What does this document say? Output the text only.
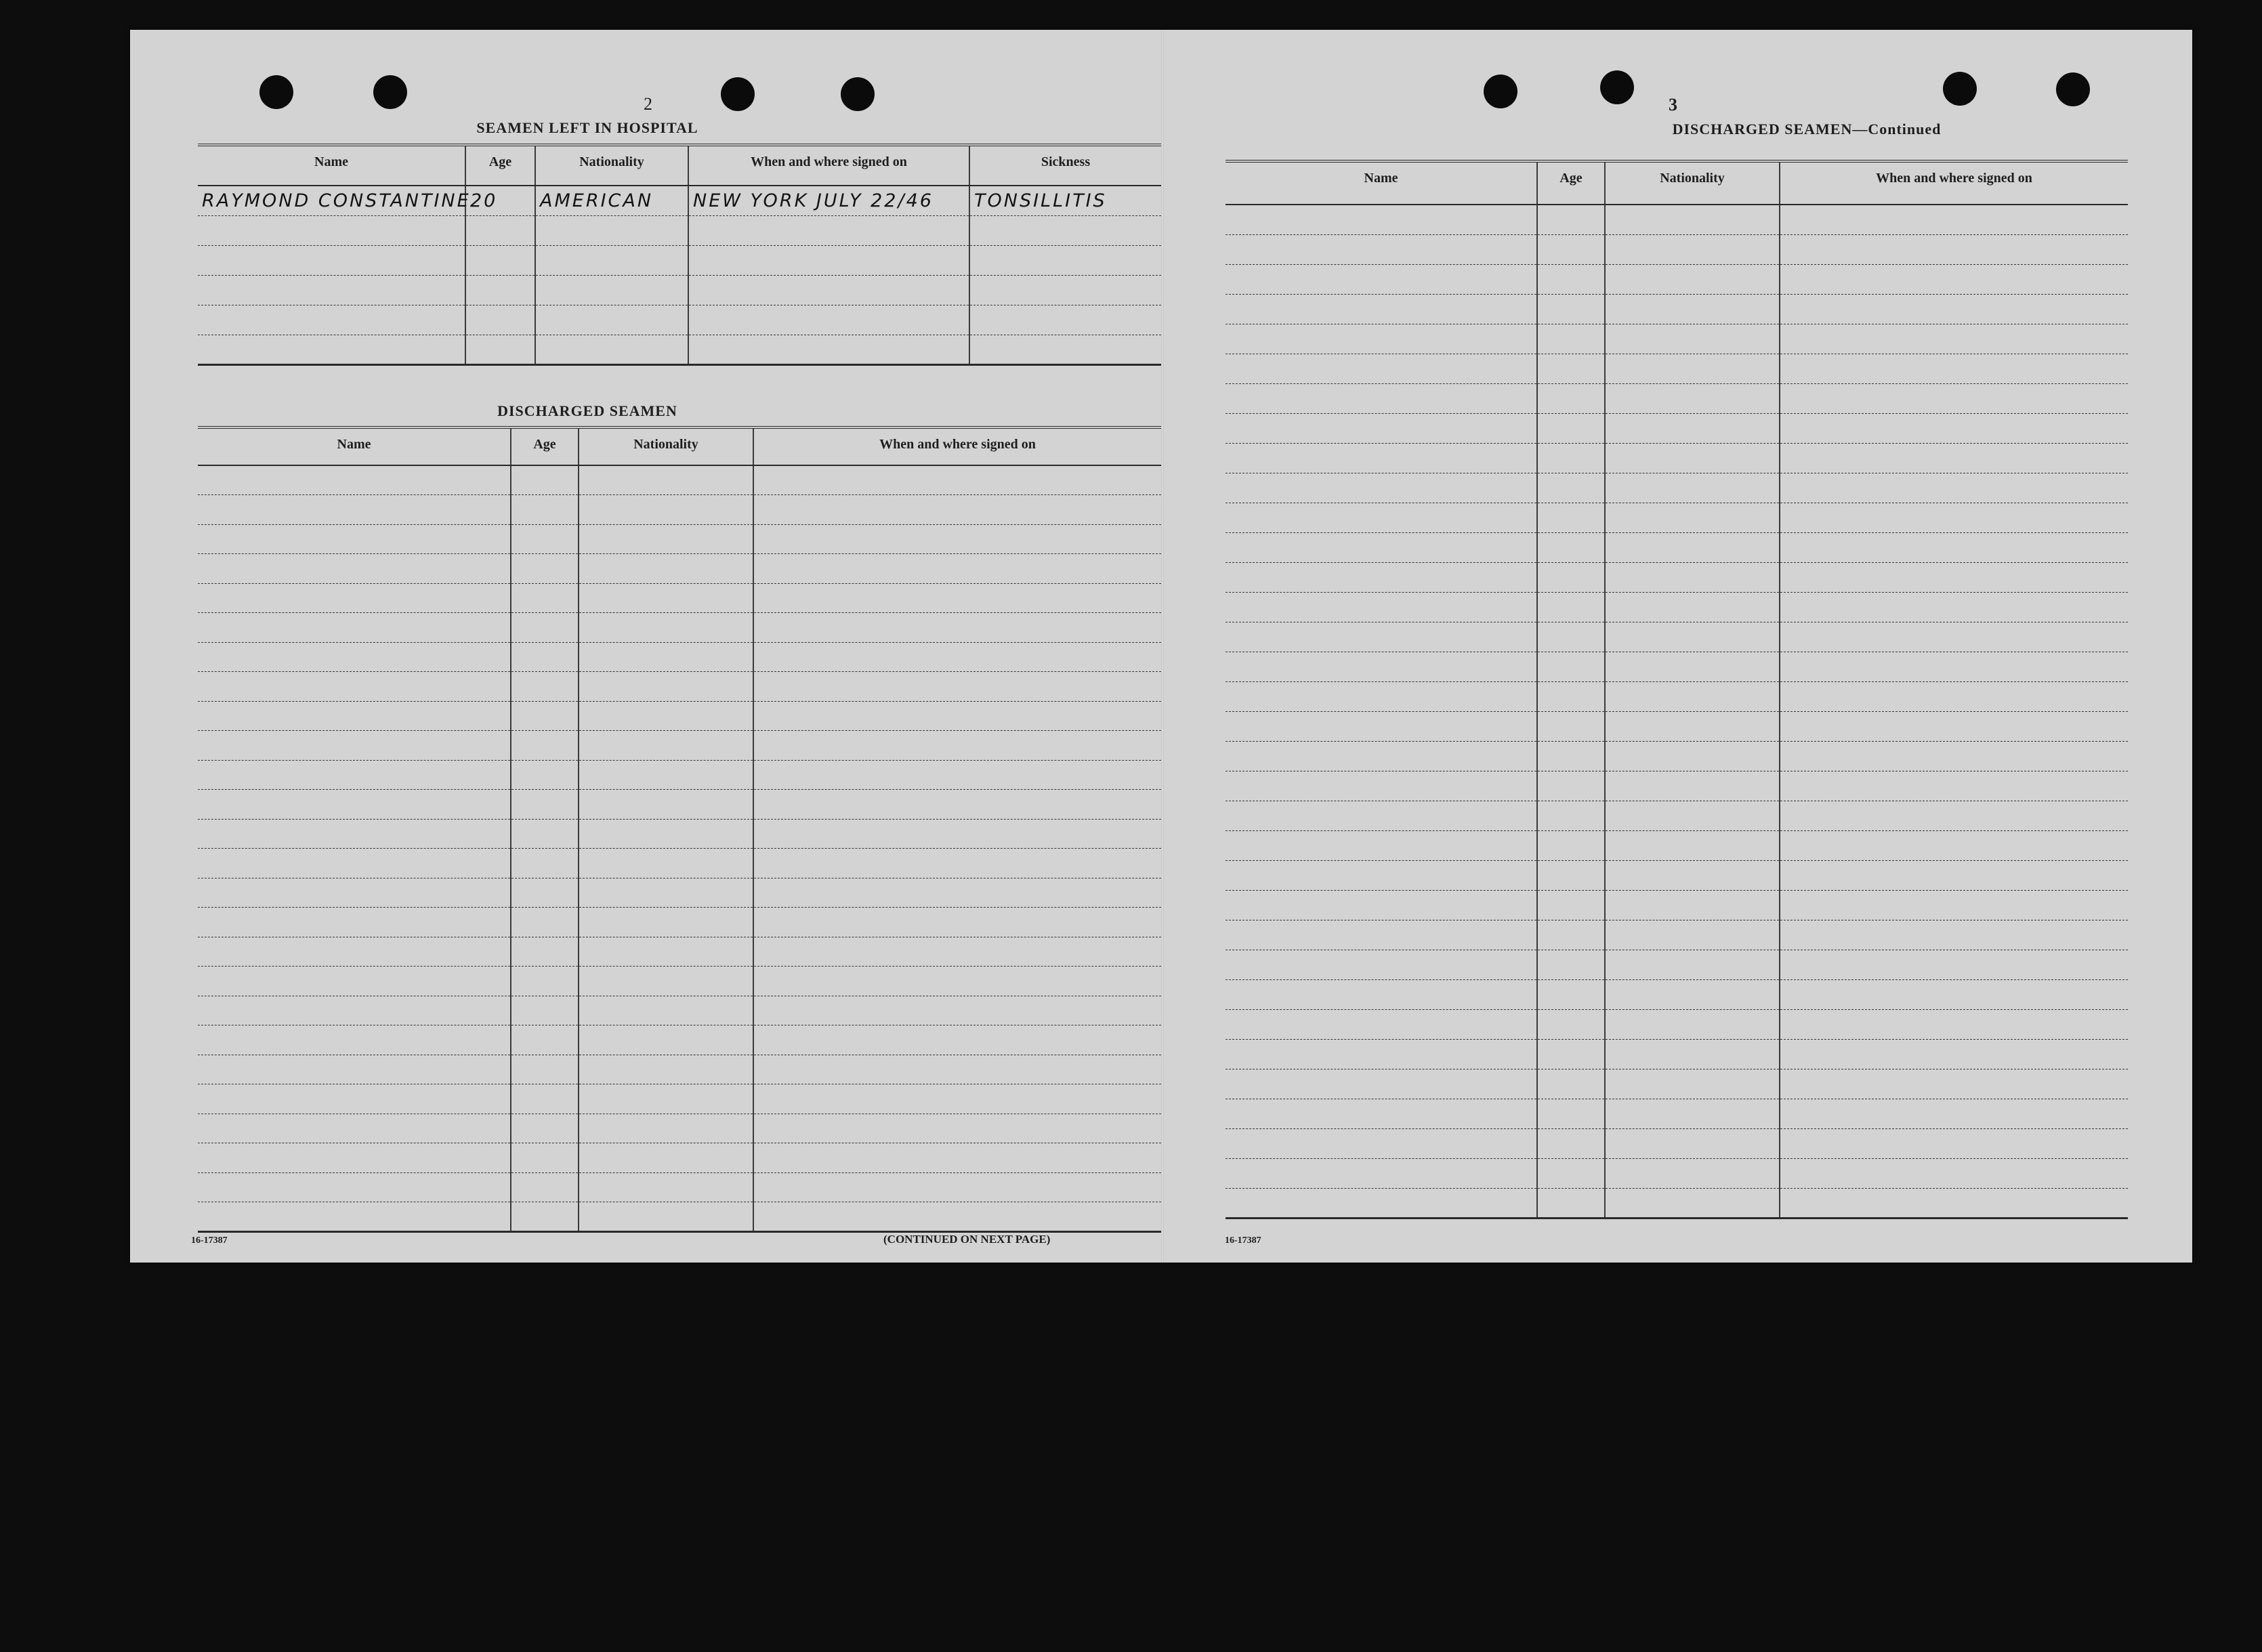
2
SEAMEN LEFT IN HOSPITAL
Name	Age	Nationality	When and where signed on	Sickness
RAYMOND CONSTANTINE	20	AMERICAN	NEW YORK JULY 22/46	TONSILLITIS

DISCHARGED SEAMEN
Name	Age	Nationality	When and where signed on

16-17387	(CONTINUED ON NEXT PAGE)
3
DISCHARGED SEAMEN—Continued
Name	Age	Nationality	When and where signed on

16-17387
